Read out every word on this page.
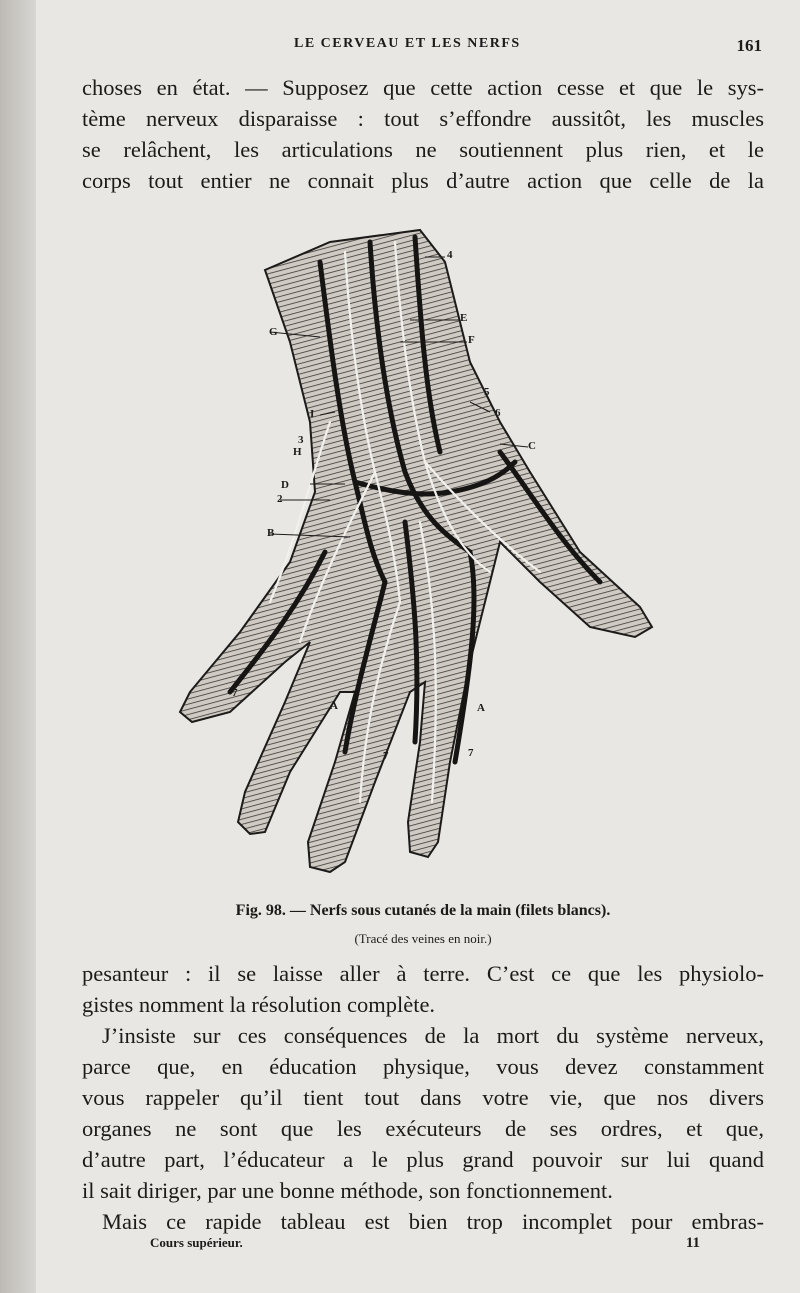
LE CERVEAU ET LES NERFS	161
choses en état. — Supposez que cette action cesse et que le sys-
tème nerveux disparaisse : tout s’effondre aussitôt, les muscles
se relâchent, les articulations ne soutiennent plus rien, et le
corps tout entier ne connait plus d’autre action que celle de la
4
E
F
G
5
6
I
C
3
H
D
2
B
7
A	A
7	7
Fig. 98. — Nerfs sous cutanés de la main (filets blancs).
(Tracé des veines en noir.)
pesanteur : il se laisse aller à terre. C’est ce que les physiolo-
gistes nomment la résolution complète.
J’insiste sur ces conséquences de la mort du système nerveux,
parce que, en éducation physique, vous devez constamment
vous rappeler qu’il tient tout dans votre vie, que nos divers
organes ne sont que les exécuteurs de ses ordres, et que,
d’autre part, l’éducateur a le plus grand pouvoir sur lui quand
il sait diriger, par une bonne méthode, son fonctionnement.
Mais ce rapide tableau est bien trop incomplet pour embras-
Cours supérieur.	11
